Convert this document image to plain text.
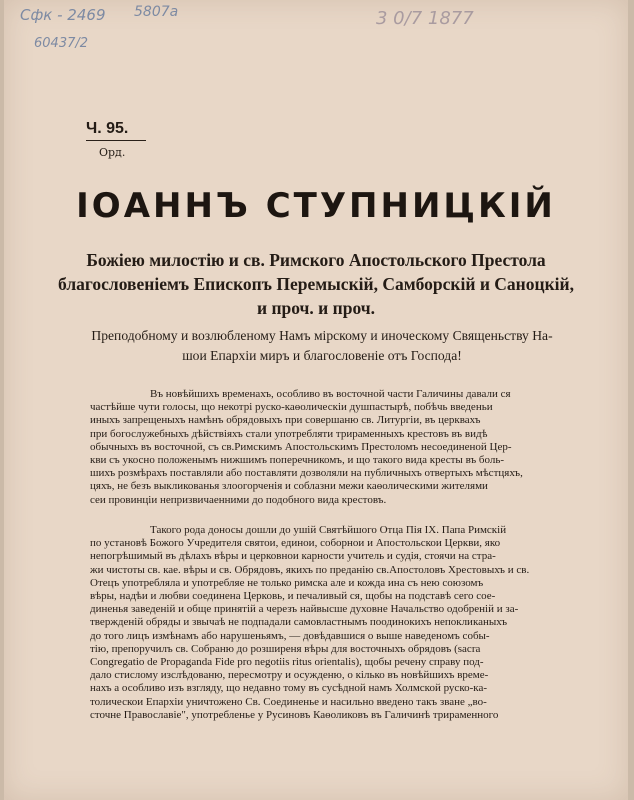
Сфк - 2469 5807а
60437/2
3 0/7 1877
Ч. 95.
Орд.
ІОАННЪ СТУПНИЦКІЙ
Божіею милостію и св. Римского Апостольского Престола
благословеніемъ Епископъ Перемыскій, Самборскій и Саноцкій,
и проч. и проч.
Преподобному и возлюбленому Намъ мірскому и иноческому Священьству На-
шои Епархіи миръ и благословеніе отъ Господа!
Въ новѣйшихъ временахъ, особливо въ восточной части Галичины давали ся
частѣйше чути голосы, що некотрі руско-каѳолическіи душпастырѣ, побѣчь введеньи
иныхъ запрещеныхъ намѣнъ обрядовыхъ при совершаню св. Литургіи, въ церквахъ
при богослужебныхъ дѣйствіяхъ стали употребляти трираменныхъ крестовъ въ видѣ
обычныхъ въ восточной, съ св.Римскимъ Апостольскимъ Престоломъ несоединеной Цер-
кви съ укосно положенымъ нижшимъ поперечникомъ, и що такого вида кресты въ боль-
шихъ розмѣрахъ поставляли або поставляти дозволяли на публичныхъ отвертыхъ мѣстцяхъ,
цяхъ, не безъ выкликованья злоогорченія и соблазни межи каѳолическими жителями
сеи провинціи непризвичаенними до подобного вида крестовъ.
Такого рода доносы дошли до ушій Святѣйшого Отца Пія IX. Папа Римскій
по установѣ Божого Учредителя святои, единои, соборнои и Апостольскои Церкви, яко
непогрѣшимый въ дѣлахъ вѣры и церковнои карности учитель и судія, стоячи на стра-
жи чистоты св. кае. вѣры и св. Обрядовъ, якихъ по преданію св.Апостоловъ Хрестовыхъ и св.
Отецъ употребляла и употребляе не только римска але и кожда ина съ нею союзомъ
вѣры, надѣи и любви соединена Церковь, и печаливый ся, щобы на подставѣ сего сое-
диненья заведеній и обще принятій а черезъ найвысше духовне Начальство одобреній и за-
твержденій обряды и звычаѣ не подпадали самовластнымъ поодинокихъ непокликаныхъ
до того лицъ измѣнамъ або нарушеньямъ, — довѣдавшися о выше наведеномъ собы-
тію, препоручилъ св. Собраню до розширеня вѣры для восточныхъ обрядовъ (sacra
Congregatio de Propaganda Fide pro negotiis ritus orientalis), щобы речену справу под-
дало стислому изслѣдованю, пересмотру и осужденю, о кілько въ новѣйшихъ време-
нахъ а особливо изъ взгляду, що недавно тому въ сусѣдной намъ Холмской руско-ка-
толическои Епархіи уничтожено Св. Соединенье и насильно введено такъ зване „во-
сточне Православіе", употребленье у Русиновъ Каѳоликовъ въ Галичинѣ трираменного
